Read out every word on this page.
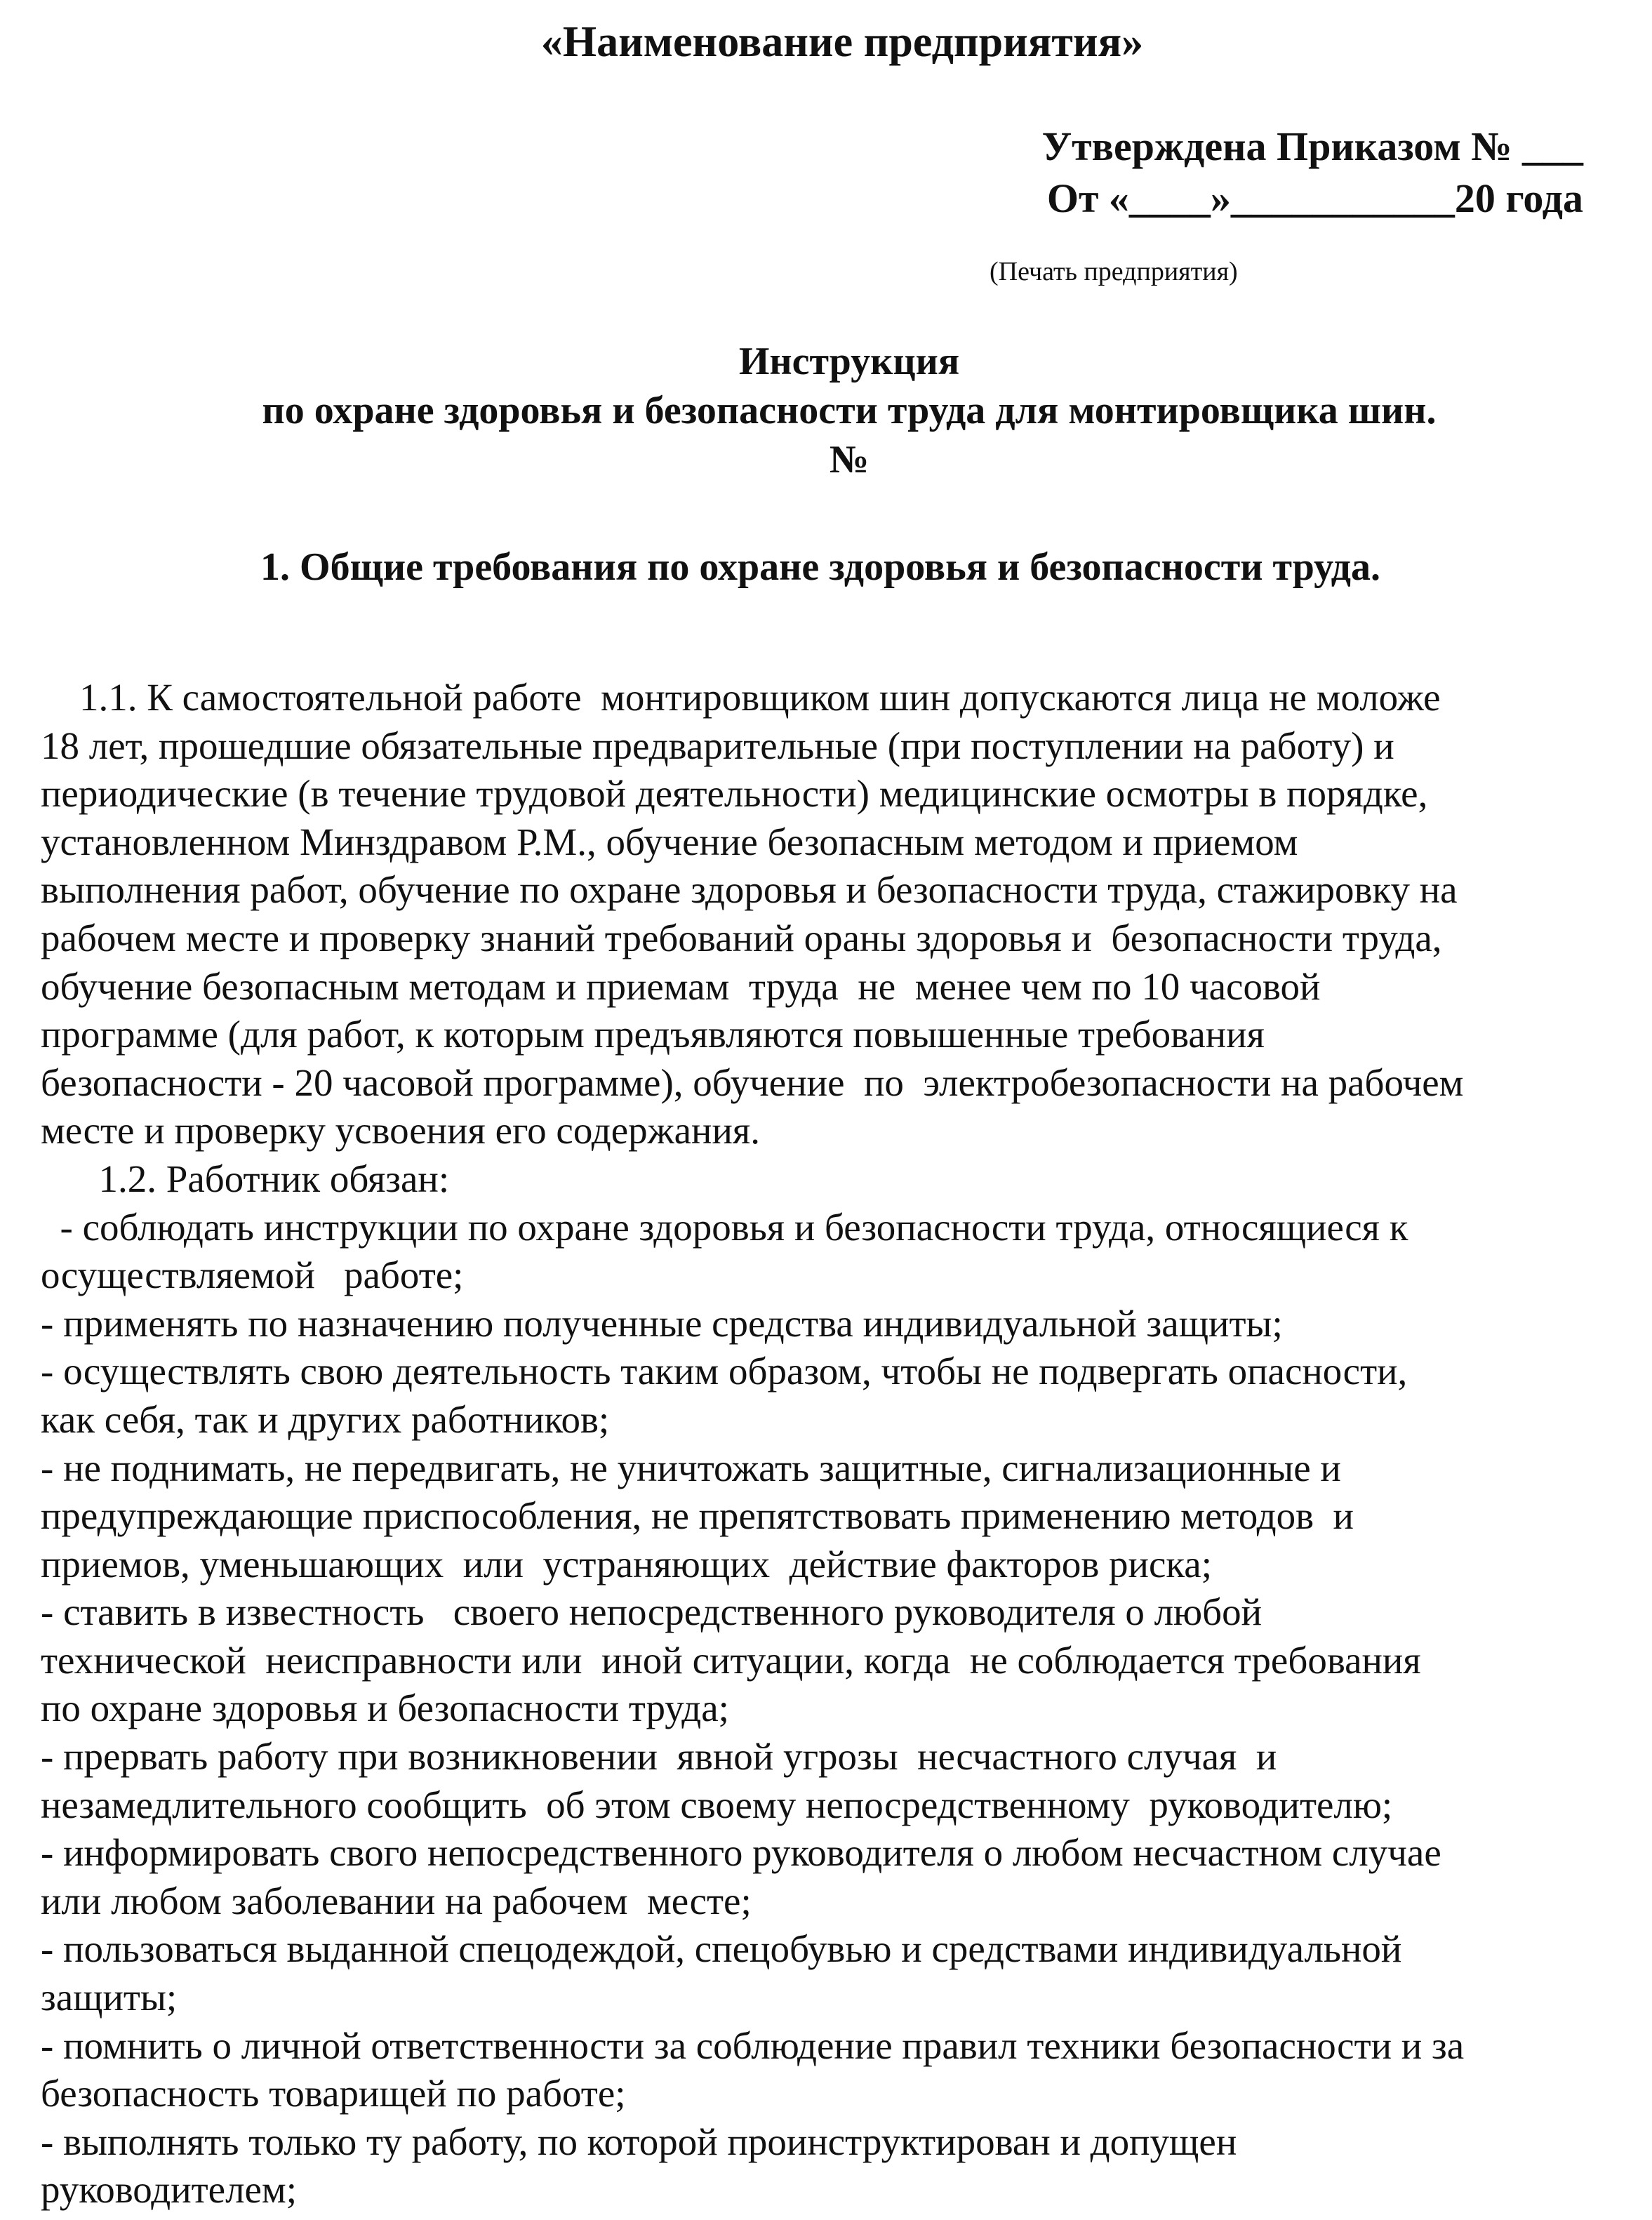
«Наименование предприятия»
Утверждена Приказом № ___
От «____»___________20 года
(Печать предприятия)
Инструкция
по охране здоровья и безопасности труда для монтировщика шин.
№
1. Общие требования по охране здоровья и безопасности труда.
1.1. К самостоятельной работе  монтировщиком шин допускаются лица не моложе
18 лет, прошедшие обязательные предварительные (при поступлении на работу) и
периодические (в течение трудовой деятельности) медицинские осмотры в порядке,
установленном Минздравом Р.М., обучение безопасным методом и приемом
выполнения работ, обучение по охране здоровья и безопасности труда, стажировку на
рабочем месте и проверку знаний требований ораны здоровья и  безопасности труда,
обучение безопасным методам и приемам  труда  не  менее чем по 10 часовой
программе (для работ, к которым предъявляются повышенные требования
безопасности - 20 часовой программе), обучение  по  электробезопасности на рабочем
месте и проверку усвоения его содержания.
1.2. Работник обязан:
- соблюдать инструкции по охране здоровья и безопасности труда, относящиеся к
осуществляемой   работе;
- применять по назначению полученные средства индивидуальной защиты;
- осуществлять свою деятельность таким образом, чтобы не подвергать опасности,
как себя, так и других работников;
- не поднимать, не передвигать, не уничтожать защитные, сигнализационные и
предупреждающие приспособления, не препятствовать применению методов  и
приемов, уменьшающих  или  устраняющих  действие факторов риска;
- ставить в известность   своего непосредственного руководителя о любой
технической  неисправности или  иной ситуации, когда  не соблюдается требования
по охране здоровья и безопасности труда;
- прервать работу при возникновении  явной угрозы  несчастного случая  и
незамедлительного сообщить  об этом своему непосредственному  руководителю;
- информировать свого непосредственного руководителя о любом несчастном случае
или любом заболевании на рабочем  месте;
- пользоваться выданной спецодеждой, спецобувью и средствами индивидуальной
защиты;
- помнить о личной ответственности за соблюдение правил техники безопасности и за
безопасность товарищей по работе;
- выполнять только ту работу, по которой проинструктирован и допущен
руководителем;
